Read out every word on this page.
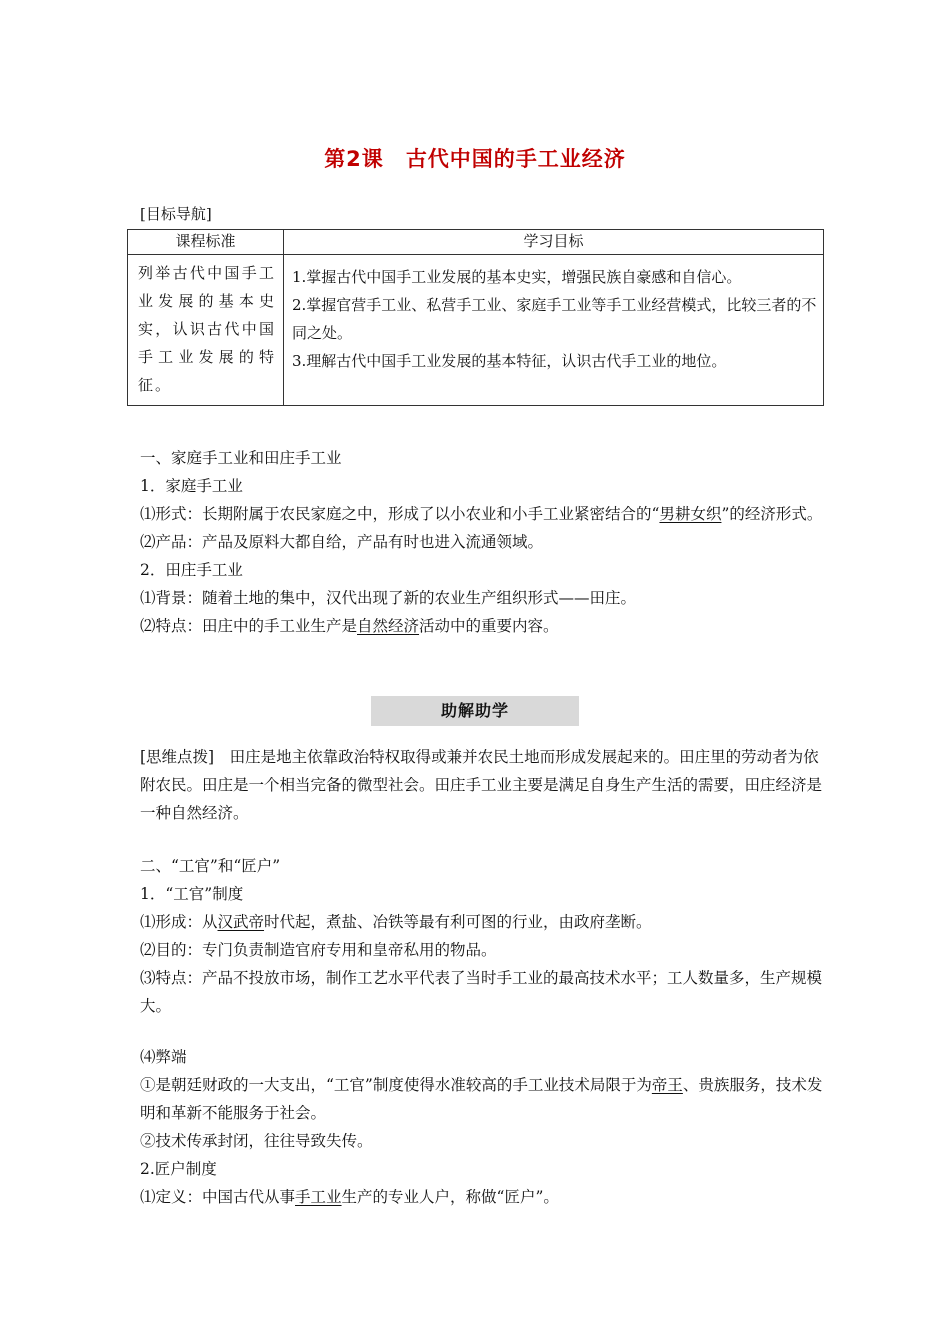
第2课 古代中国的手工业经济
[目标导航]
课程标准	学习目标
列举古代中国手工业发展的基本史实，认识古代中国手工业发展的特征。	1.掌握古代中国手工业发展的基本史实，增强民族自豪感和自信心。
2.掌握官营手工业、私营手工业、家庭手工业等手工业经营模式，比较三者的不同之处。
3.理解古代中国手工业发展的基本特征，认识古代手工业的地位。

一、家庭手工业和田庄手工业

1．家庭手工业

⑴形式：长期附属于农民家庭之中，形成了以小农业和小手工业紧密结合的“男耕女织”的经济形式。

⑵产品：产品及原料大都自给，产品有时也进入流通领域。

2．田庄手工业

⑴背景：随着土地的集中，汉代出现了新的农业生产组织形式——田庄。

⑵特点：田庄中的手工业生产是自然经济活动中的重要内容。

助解助学

[思维点拨]　田庄是地主依靠政治特权取得或兼并农民土地而形成发展起来的。田庄里的劳动者为依附农民。田庄是一个相当完备的微型社会。田庄手工业主要是满足自身生产生活的需要，田庄经济是一种自然经济。

二、“工官”和“匠户”

1．“工官”制度

⑴形成：从汉武帝时代起，煮盐、冶铁等最有利可图的行业，由政府垄断。

⑵目的：专门负责制造官府专用和皇帝私用的物品。

⑶特点：产品不投放市场，制作工艺水平代表了当时手工业的最高技术水平；工人数量多，生产规模大。

⑷弊端

①是朝廷财政的一大支出，“工官”制度使得水准较高的手工业技术局限于为帝王、贵族服务，技术发明和革新不能服务于社会。

②技术传承封闭，往往导致失传。

2.匠户制度

⑴定义：中国古代从事手工业生产的专业人户，称做“匠户”。
